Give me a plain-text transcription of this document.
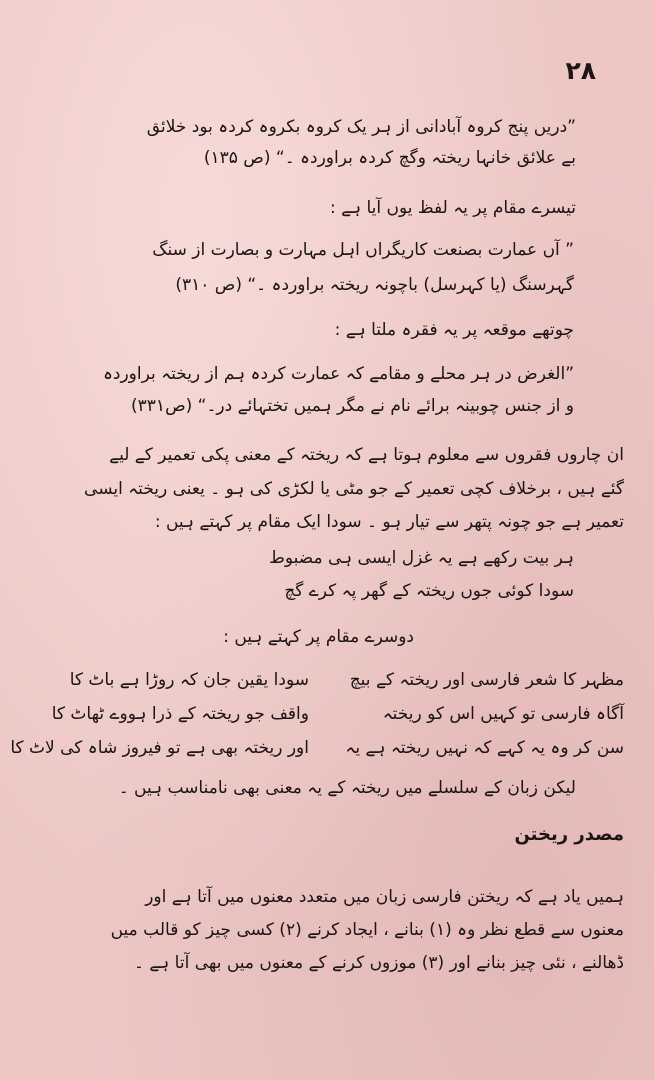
۲۸
”دریں پنج کروہ آبادانی از ہر یک کروہ بکروہ کردہ بود خلائق
بے علائق خانہا ریختہ وگچ کردہ براوردہ ۔“ (ص ۱۳۵)
تیسرے مقام پر یہ لفظ یوں آیا ہے :
” آں عمارت بصنعت کاریگراں اہل مہارت و بصارت از سنگ
گہرسنگ (یا کہرسل) باچونہ ریختہ براوردہ ۔“ (ص ۳۱۰)
چوتھے موقعہ پر یہ فقرہ ملتا ہے :
”الغرض در ہر محلے و مقامے کہ عمارت کردہ ہم از ریختہ براوردہ
و از جنس چوبینہ برائے نام نے مگر ہمیں تختہائے در۔“ (ص۳۳۱)
ان چاروں فقروں سے معلوم ہوتا ہے کہ ریختہ کے معنی پکی تعمیر کے لیے
گئے ہیں ، برخلاف کچی تعمیر کے جو مٹی یا لکڑی کی ہو ۔ یعنی ریختہ ایسی
تعمیر ہے جو چونہ پتھر سے تیار ہو ۔ سودا ایک مقام پر کہتے ہیں :
ہر بیت رکھے ہے یہ غزل ایسی ہی مضبوط
سودا کوئی جوں ریختہ کے گھر پہ کرے گچ
دوسرے مقام پر کہتے ہیں :
مظہر کا شعر فارسی اور ریختہ کے بیچ
آگاہ فارسی تو کہیں اس کو ریختہ
سن کر وہ یہ کہے کہ نہیں ریختہ ہے یہ
سودا یقین جان کہ روڑا ہے باٹ کا
واقف جو ریختہ کے ذرا ہووے ٹھاٹ کا
اور ریختہ بھی ہے تو فیروز شاہ کی لاٹ کا
لیکن زبان کے سلسلے میں ریختہ کے یہ معنی بھی نامناسب ہیں ۔
مصدر ریختن
ہمیں یاد ہے کہ ریختن فارسی زبان میں متعدد معنوں میں آتا ہے اور
معنوں سے قطع نظر وہ (۱) بنانے ، ایجاد کرنے (۲) کسی چیز کو قالب میں
ڈھالنے ، نئی چیز بنانے اور (۳) موزوں کرنے کے معنوں میں بھی آتا ہے ۔
